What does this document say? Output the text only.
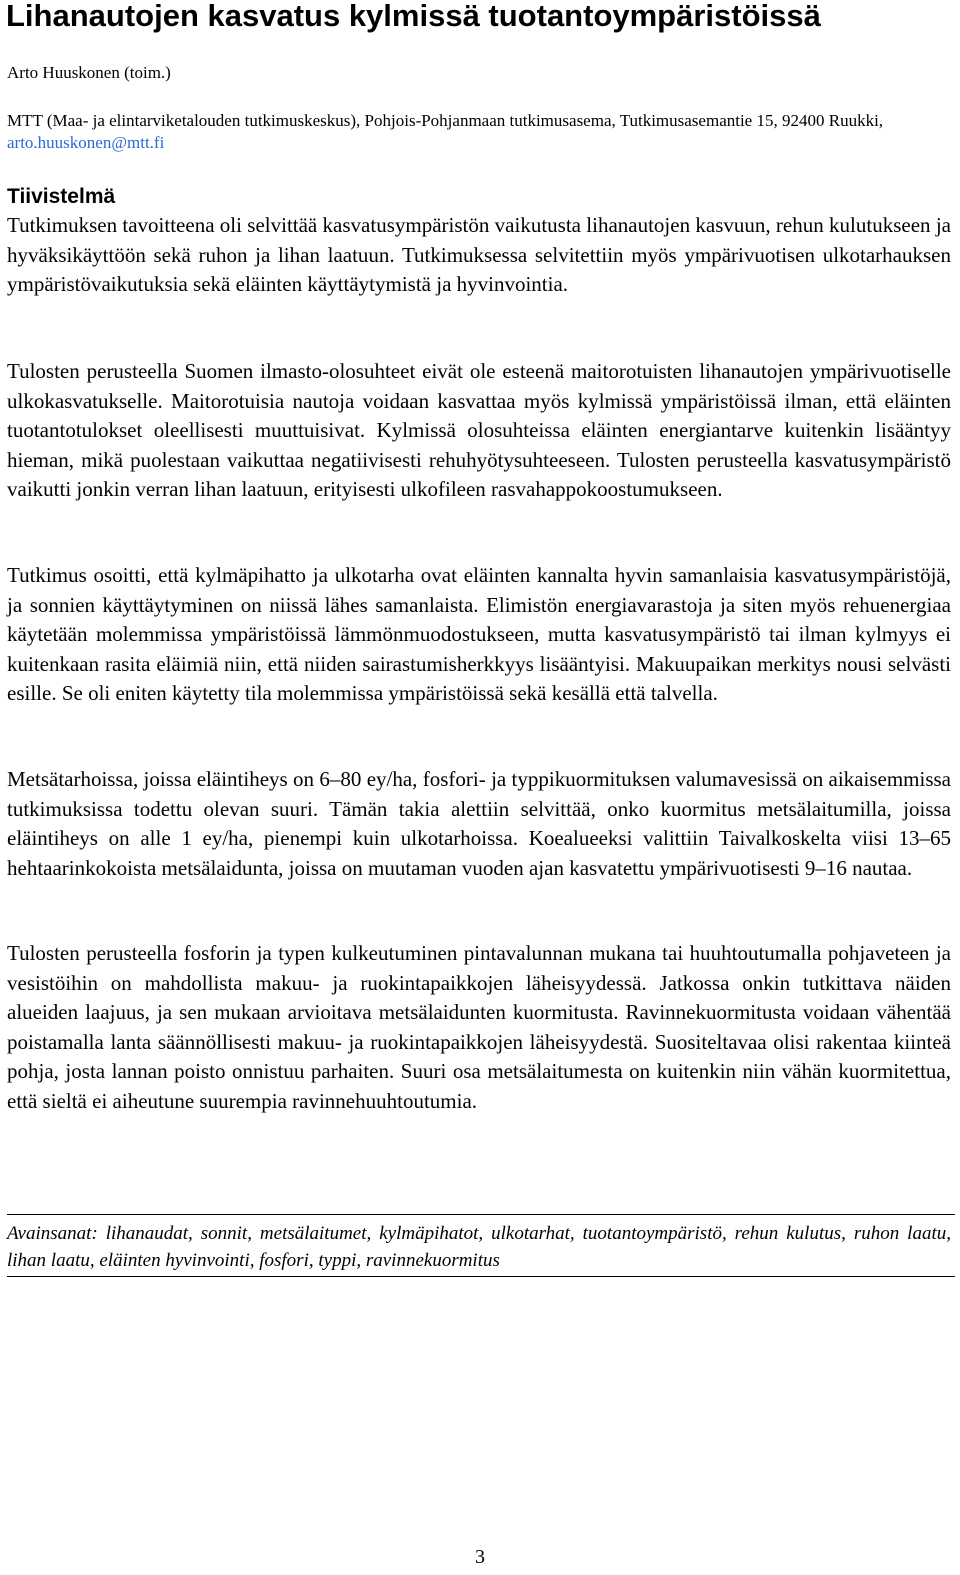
Lihanautojen kasvatus kylmissä tuotantoympäristöissä
Arto Huuskonen (toim.)
MTT (Maa- ja elintarviketalouden tutkimuskeskus), Pohjois-Pohjanmaan tutkimusasema, Tutkimusasemantie 15, 92400 Ruukki, arto.huuskonen@mtt.fi
Tiivistelmä

Tutkimuksen tavoitteena oli selvittää kasvatusympäristön vaikutusta lihanautojen kasvuun, rehun kulutukseen ja hyväksikäyttöön sekä ruhon ja lihan laatuun. Tutkimuksessa selvitettiin myös ympärivuotisen ulkotarhauksen ympäristövaikutuksia sekä eläinten käyttäytymistä ja hyvinvointia.

Tulosten perusteella Suomen ilmasto-olosuhteet eivät ole esteenä maitorotuisten lihanautojen ympärivuotiselle ulkokasvatukselle. Maitorotuisia nautoja voidaan kasvattaa myös kylmissä ympäristöissä ilman, että eläinten tuotantotulokset oleellisesti muuttuisivat. Kylmissä olosuhteissa eläinten energiantarve kuitenkin lisääntyy hieman, mikä puolestaan vaikuttaa negatiivisesti rehuhyötysuhteeseen. Tulosten perusteella kasvatusympäristö vaikutti jonkin verran lihan laatuun, erityisesti ulkofileen rasvahappokoostumukseen.

Tutkimus osoitti, että kylmäpihatto ja ulkotarha ovat eläinten kannalta hyvin samanlaisia kasvatusympäristöjä, ja sonnien käyttäytyminen on niissä lähes samanlaista. Elimistön energiavarastoja ja siten myös rehuenergiaa käytetään molemmissa ympäristöissä lämmönmuodostukseen, mutta kasvatusympäristö tai ilman kylmyys ei kuitenkaan rasita eläimiä niin, että niiden sairastumisherkkyys lisääntyisi. Makuupaikan merkitys nousi selvästi esille. Se oli eniten käytetty tila molemmissa ympäristöissä sekä kesällä että talvella.

Metsätarhoissa, joissa eläintiheys on 6–80 ey/ha, fosfori- ja typpikuormituksen valumavesissä on aikaisemmissa tutkimuksissa todettu olevan suuri. Tämän takia alettiin selvittää, onko kuormitus metsälaitumilla, joissa eläintiheys on alle 1 ey/ha, pienempi kuin ulkotarhoissa. Koealueeksi valittiin Taivalkoskelta viisi 13–65 hehtaarinkokoista metsälaidunta, joissa on muutaman vuoden ajan kasvatettu ympärivuotisesti 9–16 nautaa.

Tulosten perusteella fosforin ja typen kulkeutuminen pintavalunnan mukana tai huuhtoutumalla pohjaveteen ja vesistöihin on mahdollista makuu- ja ruokintapaikkojen läheisyydessä. Jatkossa onkin tutkittava näiden alueiden laajuus, ja sen mukaan arvioitava metsälaidunten kuormitusta. Ravinnekuormitusta voidaan vähentää poistamalla lanta säännöllisesti makuu- ja ruokintapaikkojen läheisyydestä. Suositeltavaa olisi rakentaa kiinteä pohja, josta lannan poisto onnistuu parhaiten. Suuri osa metsälaitumesta on kuitenkin niin vähän kuormitettua, että sieltä ei aiheutune suurempia ravinnehuuhtoutumia.

Avainsanat: lihanaudat, sonnit, metsälaitumet, kylmäpihatot, ulkotarhat, tuotantoympäristö, rehun kulutus, ruhon laatu, lihan laatu, eläinten hyvinvointi, fosfori, typpi, ravinnekuormitus

3
